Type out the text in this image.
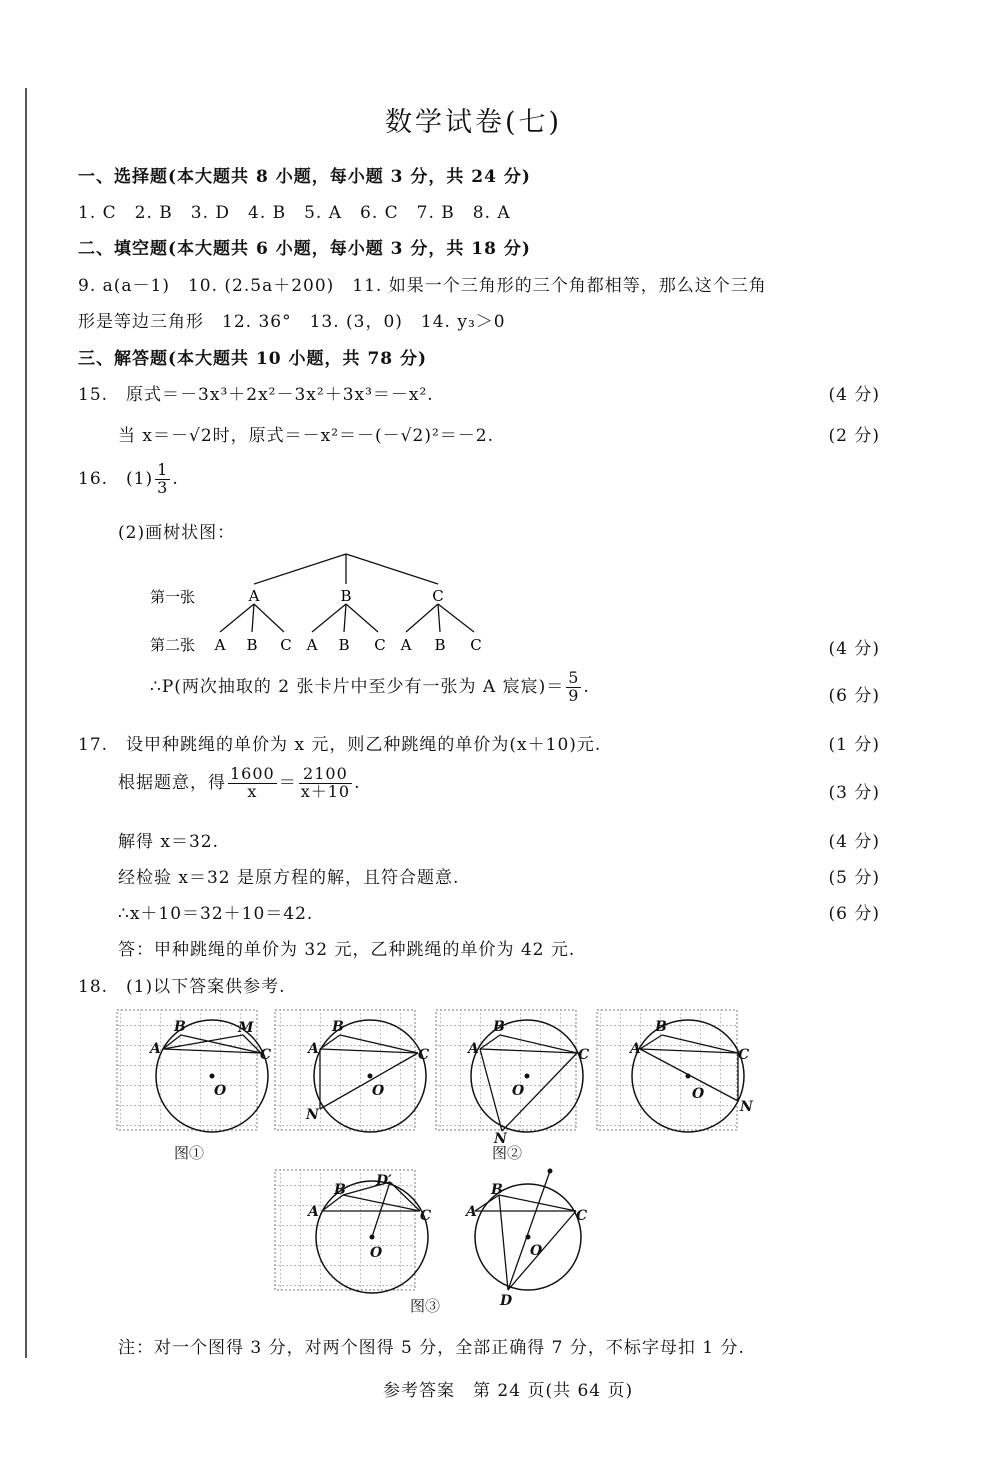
数学试卷(七)
一、选择题(本大题共 8 小题，每小题 3 分，共 24 分)
1. C　2. B　3. D　4. B　5. A　6. C　7. B　8. A
二、填空题(本大题共 6 小题，每小题 3 分，共 18 分)
9. a(a－1)　10. (2.5a＋200)　11. 如果一个三角形的三个角都相等，那么这个三角
形是等边三角形　12. 36°　13. (3，0)　14. y₃＞0
三、解答题(本大题共 10 小题，共 78 分)
15.　原式＝－3x³＋2x²－3x²＋3x³＝－x².	(4 分)
当 x＝－√2时，原式＝－x²＝－(－√2)²＝－2.	(2 分)
16.　$(1) \frac{1}{3}$ .
(2)画树状图：
第一张
第二张
A	B	C
A B C A B C A B C	(4 分)
∴P(两次抽取的 2 张卡片中至少有一张为 A 宸宸)＝ $\frac{5}{9}$ .	(6 分)
17.　设甲种跳绳的单价为 x 元，则乙种跳绳的单价为(x＋10)元.	(1 分)
根据题意，得 $\frac{1600}{x} = \frac{2100}{x+10}$ .
(3 分)
解得 x＝32.	(4 分)
经检验 x＝32 是原方程的解，且符合题意.	(5 分)
∴x＋10＝32＋10＝42.	(6 分)
答：甲种跳绳的单价为 32 元，乙种跳绳的单价为 42 元.
18.　(1)以下答案供参考.
A
B	M
C
O
A
B
C
O
N
A
B
C
O
N
A
B
C
O
N
A
B
D′
C
O
A
B
C
O
D
图①	图②
图③
注：对一个图得 3 分，对两个图得 5 分，全部正确得 7 分，不标字母扣 1 分.
参考答案　第 24 页(共 64 页)
